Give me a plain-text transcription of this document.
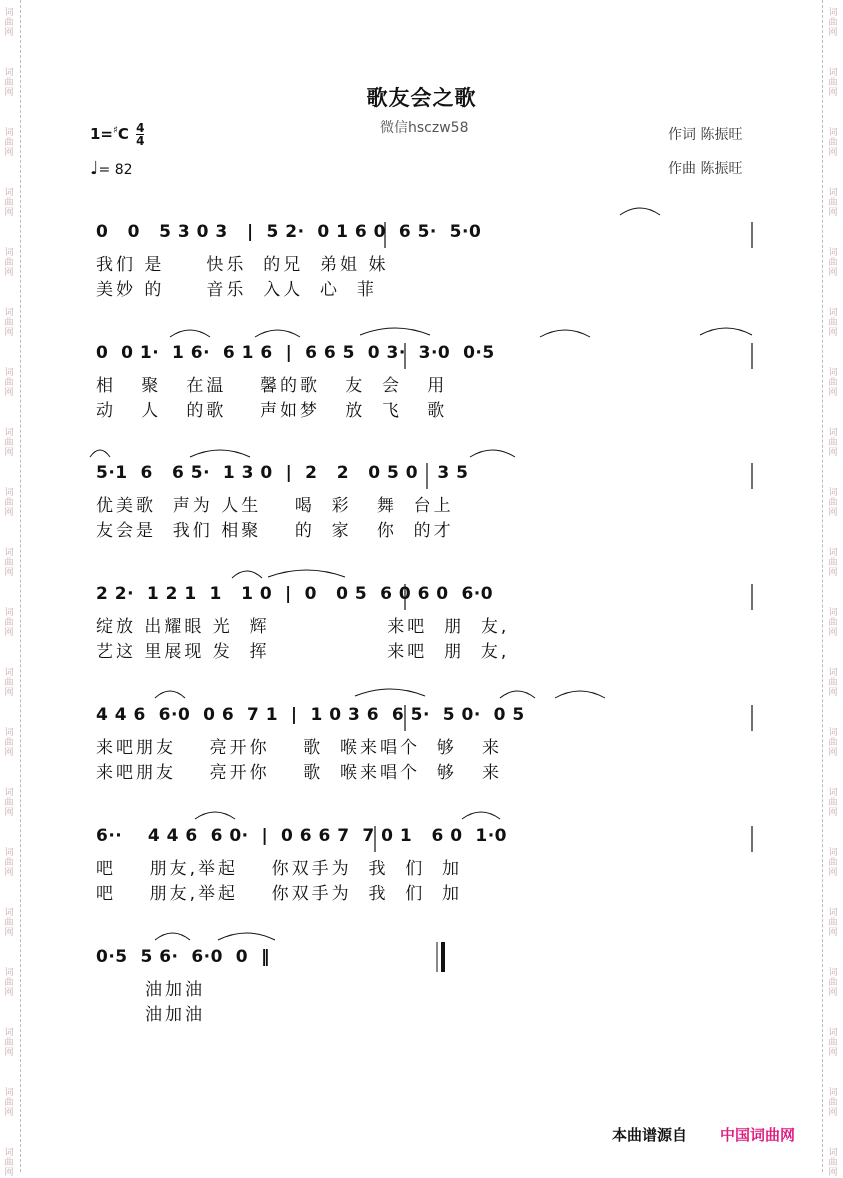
词
曲
网
词
曲
网
词
曲
网
词
曲
网
词
曲
网
词
曲
网
词
曲
网
词
曲
网
词
曲
网
词
曲
网
词
曲
网
词
曲
网
词
曲
网
词
曲
网
词
曲
网
词
曲
网
词
曲
网
词
曲
网
词
曲
网
词
曲
网
词
曲
网
词
曲
网
词
曲
网
词
曲
网
词
曲
网
词
曲
网
词
曲
网
词
曲
网
词
曲
网
词
曲
网
词
曲
网
词
曲
网
词
曲
网
词
曲
网
词
曲
网
词
曲
网
词
曲
网
词
曲
网
词
曲
网
词
曲
网
歌友会之歌
微信hsczw58
$1=^♯C \frac{4}{4}$
♩= 82
作词 陈振旺
作曲 陈振旺
0   0   5 3 0 3   |  5 2·  0 1 6 0  6 5·  5·0
我们 是     快乐  的兄  弟姐 妹
美妙 的     音乐  入人  心  菲
0  0 1·  1 6·  6 1 6  |  6 6 5  0 3·  3·0  0·5
相   聚   在温    馨的歌   友  会   用
动   人   的歌    声如梦   放  飞   歌
5·1  6   6 5·  1 3 0  |  2   2   0 5 0   3 5
优美歌  声为 人生    喝  彩   舞  台上
友会是  我们 相聚    的  家   你  的才
2 2·  1 2 1  1   1 0  |  0   0 5  6 0 6 0  6·0
绽放 出耀眼 光  辉              来吧  朋  友,
艺这 里展现 发  挥              来吧  朋  友,
4 4 6  6·0  0 6  7 1  |  1 0 3 6  6 5·  5 0·  0 5
来吧朋友    亮开你    歌  喉来唱个  够   来
来吧朋友    亮开你    歌  喉来唱个  够   来
6··    4 4 6  6 0·  |  0 6 6 7  7 0 1   6 0  1·0
吧    朋友,举起    你双手为  我  们  加
吧    朋友,举起    你双手为  我  们  加
0·5  5 6·  6·0  0  ‖
油加油
油加油
本曲谱源自 中国词曲网
